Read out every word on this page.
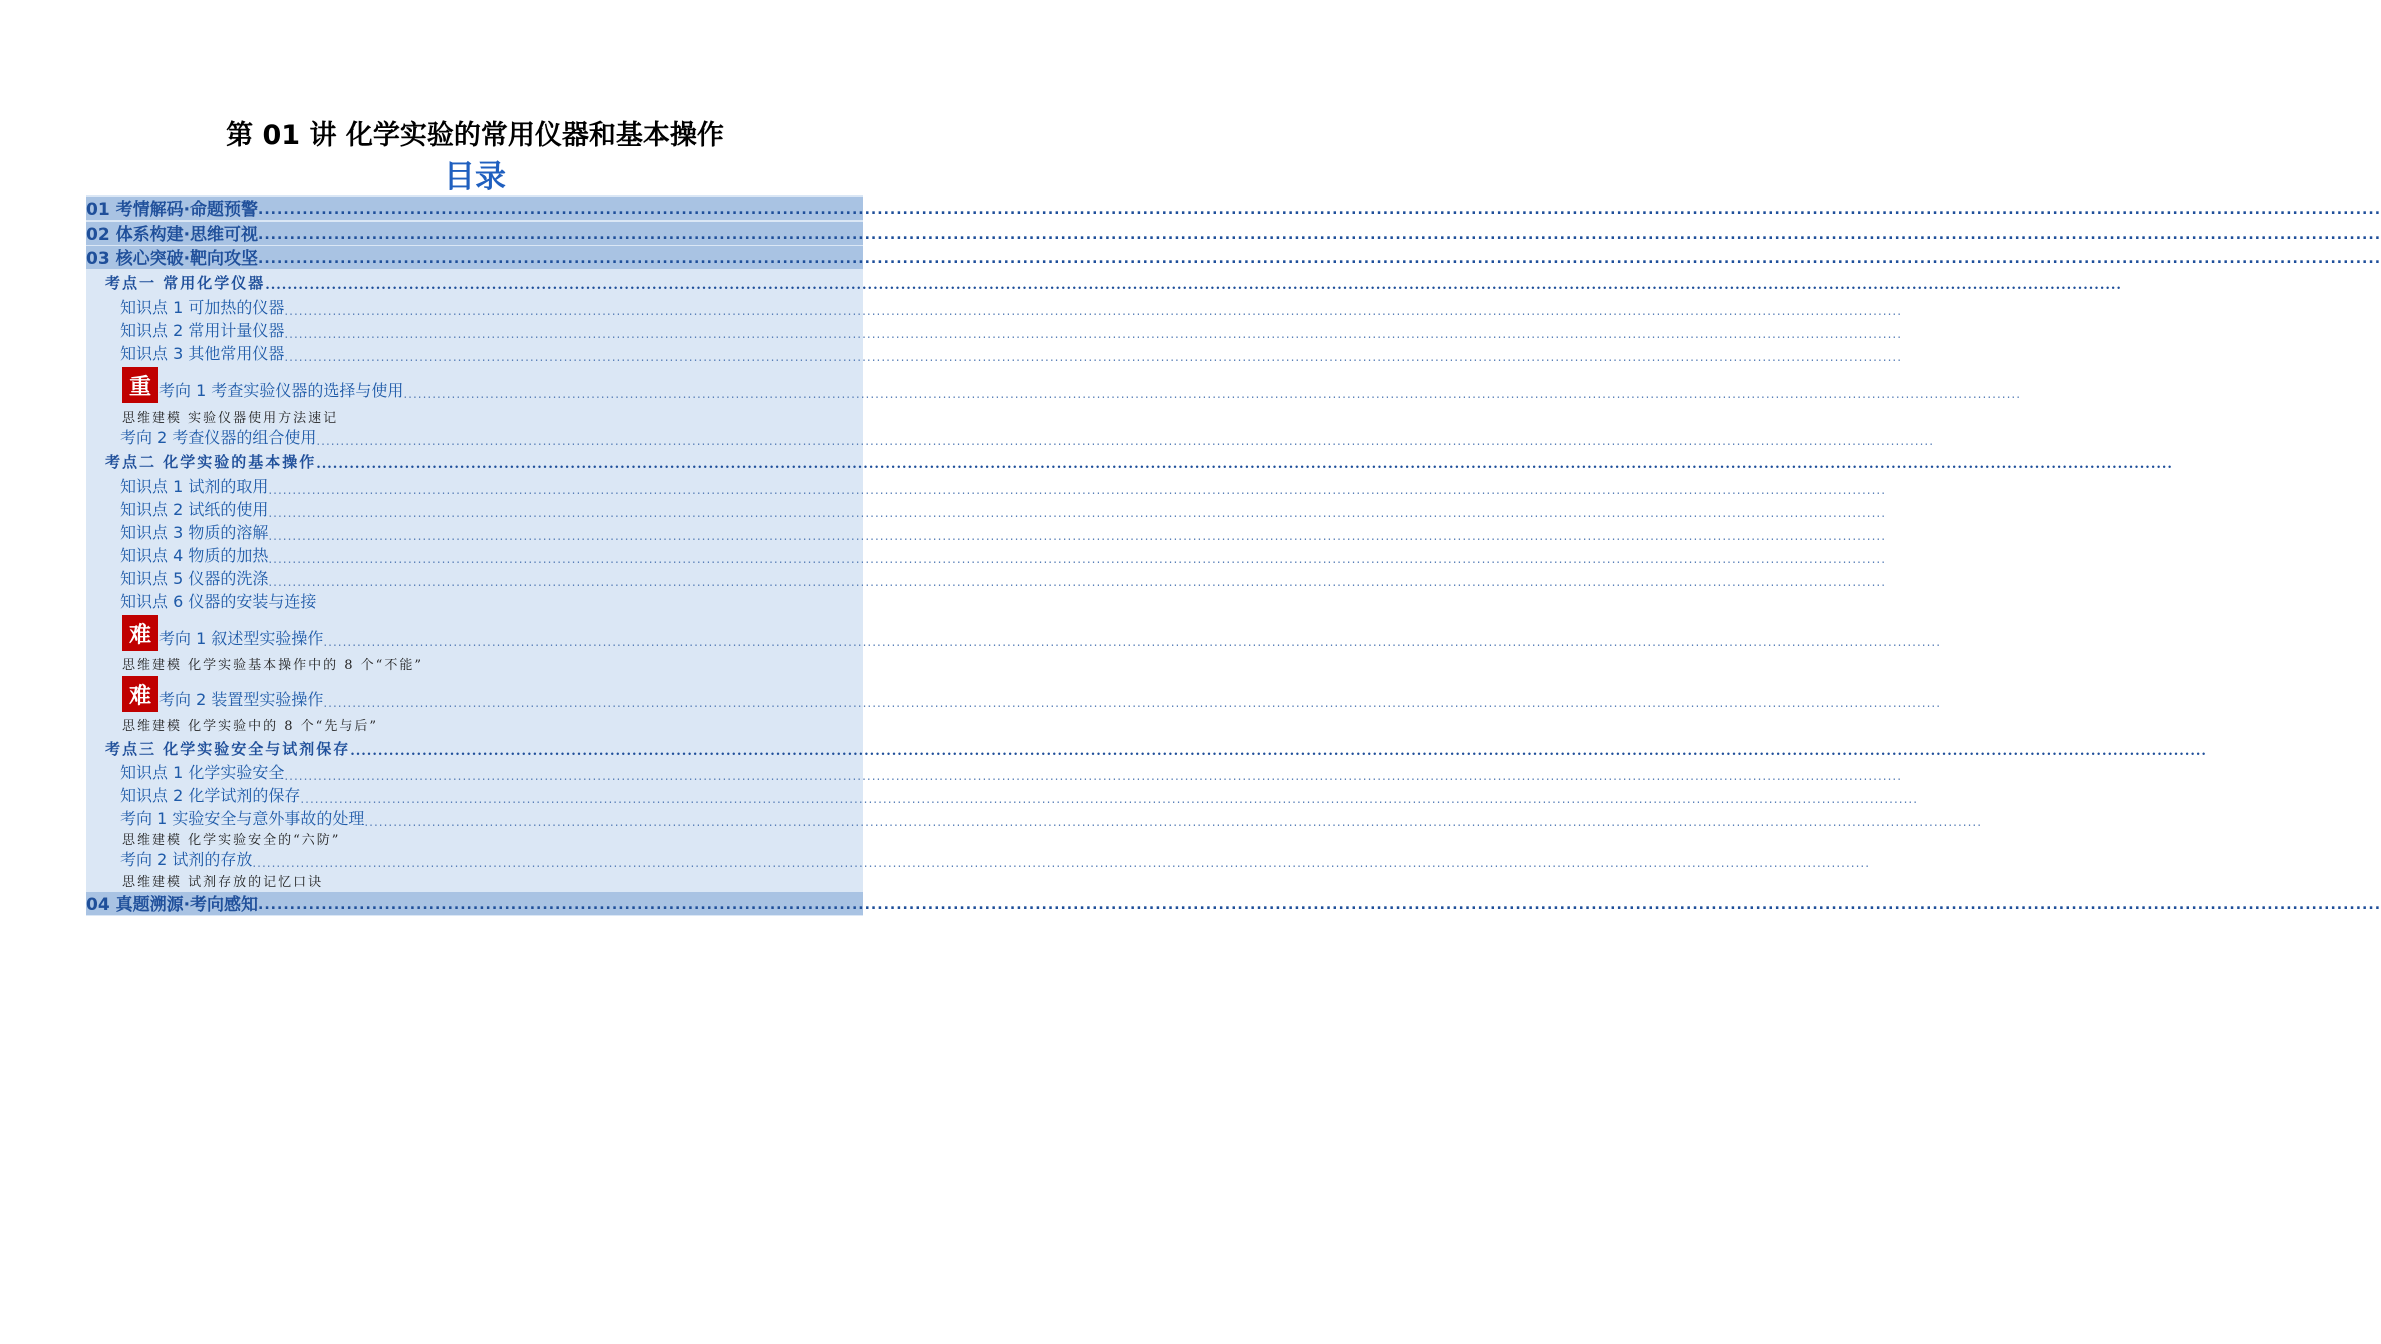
第 01 讲 化学实验的常用仪器和基本操作
目录
01 考情解码·命题预警 ................................................................................................................................................................................................................................................................................................................................................
02 体系构建·思维可视 ................................................................................................................................................................................................................................................................................................................................................
03 核心突破·靶向攻坚 ................................................................................................................................................................................................................................................................................................................................................
考点一 常用化学仪器 ................................................................................................................................................................................................................................................................................................................................................
知识点 1 可加热的仪器 ................................................................................................................................................................................................................................................................................................................................................
知识点 2 常用计量仪器 ................................................................................................................................................................................................................................................................................................................................................
知识点 3 其他常用仪器 ................................................................................................................................................................................................................................................................................................................................................
重 考向 1 考查实验仪器的选择与使用 ................................................................................................................................................................................................................................................................................................................................................
思维建模 实验仪器使用方法速记
考向 2 考查仪器的组合使用 ................................................................................................................................................................................................................................................................................................................................................
考点二 化学实验的基本操作 ................................................................................................................................................................................................................................................................................................................................................
知识点 1 试剂的取用 ................................................................................................................................................................................................................................................................................................................................................
知识点 2 试纸的使用 ................................................................................................................................................................................................................................................................................................................................................
知识点 3 物质的溶解 ................................................................................................................................................................................................................................................................................................................................................
知识点 4 物质的加热 ................................................................................................................................................................................................................................................................................................................................................
知识点 5 仪器的洗涤 ................................................................................................................................................................................................................................................................................................................................................
知识点 6 仪器的安装与连接
难 考向 1 叙述型实验操作 ................................................................................................................................................................................................................................................................................................................................................
思维建模 化学实验基本操作中的 8 个“不能”
难 考向 2 装置型实验操作 ................................................................................................................................................................................................................................................................................................................................................
思维建模 化学实验中的 8 个“先与后”
考点三 化学实验安全与试剂保存 ................................................................................................................................................................................................................................................................................................................................................
知识点 1 化学实验安全 ................................................................................................................................................................................................................................................................................................................................................
知识点 2 化学试剂的保存 ................................................................................................................................................................................................................................................................................................................................................
考向 1 实验安全与意外事故的处理 ................................................................................................................................................................................................................................................................................................................................................
思维建模 化学实验安全的“六防”
考向 2 试剂的存放 ................................................................................................................................................................................................................................................................................................................................................
思维建模 试剂存放的记忆口诀
04 真题溯源·考向感知 ................................................................................................................................................................................................................................................................................................................................................
